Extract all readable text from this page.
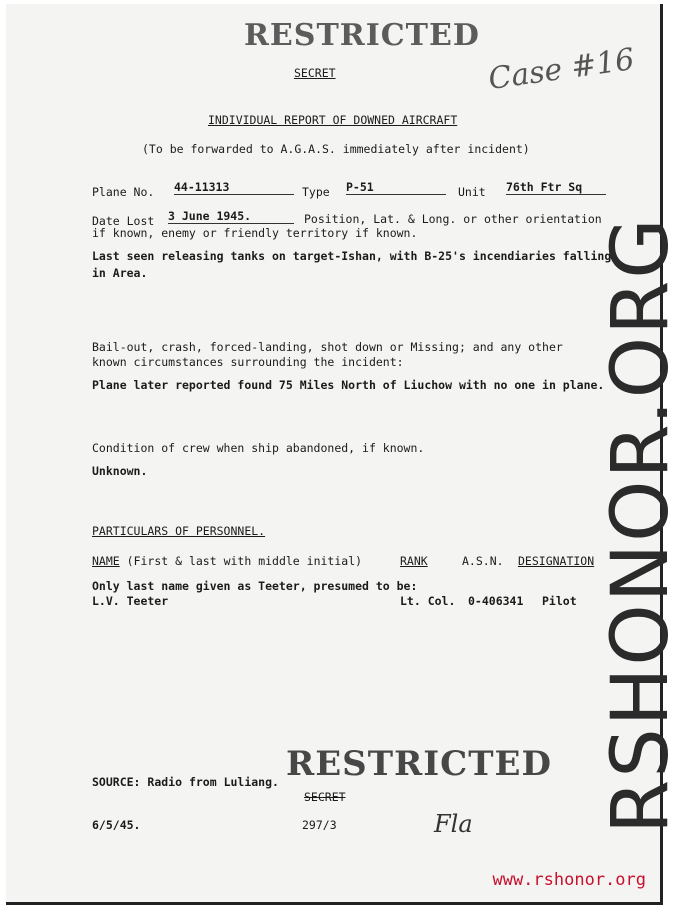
RESTRICTED
SECRET	Case #16
INDIVIDUAL REPORT OF DOWNED AIRCRAFT
(To be forwarded to A.G.A.S. immediately after incident)
Plane No. 44-11313	Type P-51	Unit 76th Ftr Sq
Date Lost 3 June 1945.	Position, Lat. & Long. or other orientation
if known, enemy or friendly territory if known.
Last seen releasing tanks on target-Ishan, with B-25's incendiaries falling
in Area.
Bail-out, crash, forced-landing, shot down or Missing; and any other
known circumstances surrounding the incident:
Plane later reported found 75 Miles North of Liuchow with no one in plane.
Condition of crew when ship abandoned, if known.
Unknown.
PARTICULARS OF PERSONNEL.
NAME (First & last with middle initial)	RANK	A.S.N. DESIGNATION
Only last name given as Teeter, presumed to be:
L.V. Teeter	Lt. Col. 0-406341 Pilot
SOURCE: Radio from Luliang. RESTRICTED
SECRET
6/5/45.	297/3	Fla RSHONOR.ORG
www.rshonor.org
